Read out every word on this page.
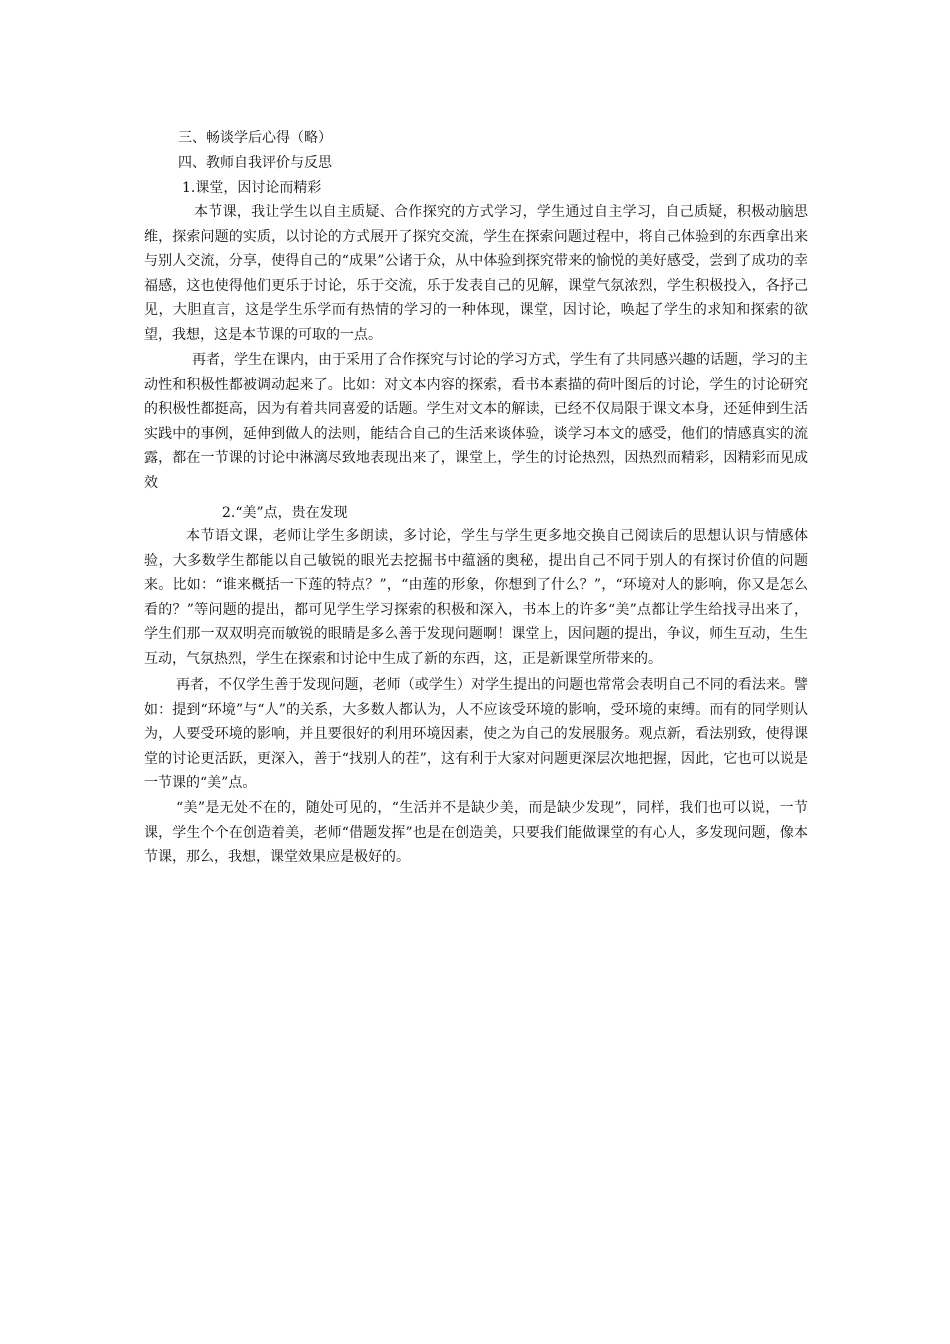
三、畅谈学后心得（略）
四、教师自我评价与反思
1.课堂，因讨论而精彩

本节课，我让学生以自主质疑、合作探究的方式学习，学生通过自主学习，自己质疑，积极动脑思维，探索问题的实质，以讨论的方式展开了探究交流，学生在探索问题过程中，将自己体验到的东西拿出来与别人交流，分享，使得自己的“成果”公诸于众，从中体验到探究带来的愉悦的美好感受，尝到了成功的幸福感，这也使得他们更乐于讨论，乐于交流，乐于发表自己的见解，课堂气氛浓烈，学生积极投入，各抒己见，大胆直言，这是学生乐学而有热情的学习的一种体现，课堂，因讨论，唤起了学生的求知和探索的欲望，我想，这是本节课的可取的一点。

再者，学生在课内，由于采用了合作探究与讨论的学习方式，学生有了共同感兴趣的话题，学习的主动性和积极性都被调动起来了。比如：对文本内容的探索，看书本素描的荷叶图后的讨论，学生的讨论研究的积极性都挺高，因为有着共同喜爱的话题。学生对文本的解读，已经不仅局限于课文本身，还延伸到生活实践中的事例，延伸到做人的法则，能结合自己的生活来谈体验，谈学习本文的感受，他们的情感真实的流露，都在一节课的讨论中淋漓尽致地表现出来了，课堂上，学生的讨论热烈，因热烈而精彩，因精彩而见成效

2.“美”点，贵在发现

本节语文课，老师让学生多朗读，多讨论，学生与学生更多地交换自己阅读后的思想认识与情感体验，大多数学生都能以自己敏锐的眼光去挖掘书中蕴涵的奥秘，提出自己不同于别人的有探讨价值的问题来。比如：“谁来概括一下莲的特点？”，“由莲的形象，你想到了什么？”，“环境对人的影响，你又是怎么看的？”等问题的提出，都可见学生学习探索的积极和深入，书本上的许多“美”点都让学生给找寻出来了，学生们那一双双明亮而敏锐的眼睛是多么善于发现问题啊！课堂上，因问题的提出，争议，师生互动，生生互动，气氛热烈，学生在探索和讨论中生成了新的东西，这，正是新课堂所带来的。

再者，不仅学生善于发现问题，老师（或学生）对学生提出的问题也常常会表明自己不同的看法来。譬如：提到“环境”与“人”的关系，大多数人都认为，人不应该受环境的影响，受环境的束缚。而有的同学则认为，人要受环境的影响，并且要很好的利用环境因素，使之为自己的发展服务。观点新，看法别致，使得课堂的讨论更活跃，更深入，善于“找别人的茬”，这有利于大家对问题更深层次地把握，因此，它也可以说是一节课的“美”点。

“美”是无处不在的，随处可见的，“生活并不是缺少美，而是缺少发现”，同样，我们也可以说，一节课，学生个个在创造着美，老师“借题发挥”也是在创造美，只要我们能做课堂的有心人，多发现问题，像本节课，那么，我想，课堂效果应是极好的。
